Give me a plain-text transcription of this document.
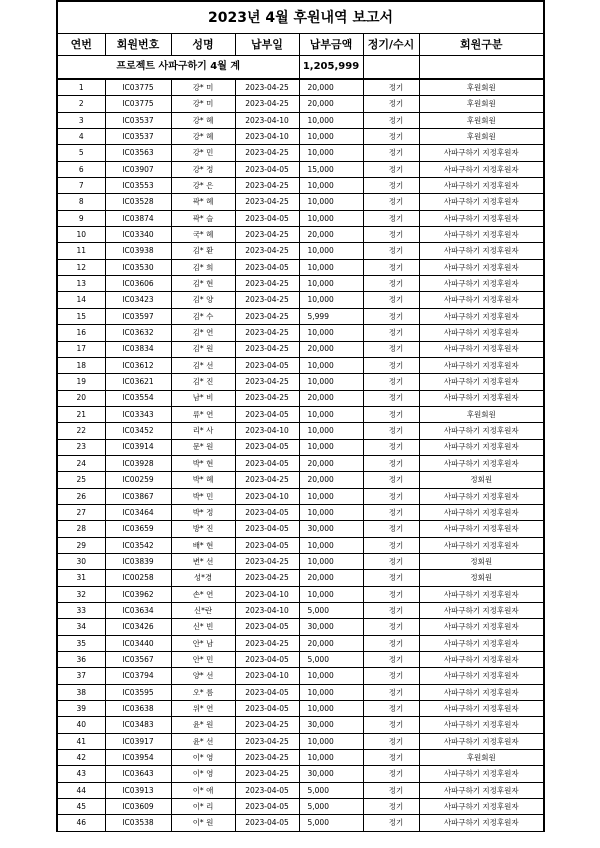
2023년 4월 후원내역 보고서						
연번	회원번호	성명	납부일	납부금액	정기/수시	회원구분
프로젝트 사파구하기 4월 계				1,205,999		
1	IC03775	강* 미	2023-04-25	20,000	정기	후원회원
2	IC03775	강* 미	2023-04-25	20,000	정기	후원회원
3	IC03537	강* 혜	2023-04-10	10,000	정기	후원회원
4	IC03537	강* 혜	2023-04-10	10,000	정기	후원회원
5	IC03563	강* 민	2023-04-25	10,000	정기	사파구하기 지정후원자
6	IC03907	강* 정	2023-04-05	15,000	정기	사파구하기 지정후원자
7	IC03553	강* 은	2023-04-25	10,000	정기	사파구하기 지정후원자
8	IC03528	곽* 혜	2023-04-25	10,000	정기	사파구하기 지정후원자
9	IC03874	곽* 슬	2023-04-05	10,000	정기	사파구하기 지정후원자
10	IC03340	국* 혜	2023-04-25	20,000	정기	사파구하기 지정후원자
11	IC03938	김* 환	2023-04-25	10,000	정기	사파구하기 지정후원자
12	IC03530	김* 희	2023-04-05	10,000	정기	사파구하기 지정후원자
13	IC03606	김* 현	2023-04-25	10,000	정기	사파구하기 지정후원자
14	IC03423	김* 양	2023-04-25	10,000	정기	사파구하기 지정후원자
15	IC03597	김* 수	2023-04-25	5,999	정기	사파구하기 지정후원자
16	IC03632	김* 연	2023-04-25	10,000	정기	사파구하기 지정후원자
17	IC03834	김* 원	2023-04-25	20,000	정기	사파구하기 지정후원자
18	IC03612	김* 선	2023-04-05	10,000	정기	사파구하기 지정후원자
19	IC03621	김* 진	2023-04-25	10,000	정기	사파구하기 지정후원자
20	IC03554	남* 비	2023-04-25	20,000	정기	사파구하기 지정후원자
21	IC03343	류* 연	2023-04-05	10,000	정기	후원회원
22	IC03452	리* 사	2023-04-10	10,000	정기	사파구하기 지정후원자
23	IC03914	문* 원	2023-04-05	10,000	정기	사파구하기 지정후원자
24	IC03928	박* 현	2023-04-05	20,000	정기	사파구하기 지정후원자
25	IC00259	박* 혜	2023-04-25	20,000	정기	정회원
26	IC03867	박* 민	2023-04-10	10,000	정기	사파구하기 지정후원자
27	IC03464	박* 정	2023-04-05	10,000	정기	사파구하기 지정후원자
28	IC03659	방* 진	2023-04-05	30,000	정기	사파구하기 지정후원자
29	IC03542	배* 현	2023-04-05	10,000	정기	사파구하기 지정후원자
30	IC03839	변* 선	2023-04-25	10,000	정기	정회원
31	IC00258	성*경	2023-04-25	20,000	정기	정회원
32	IC03962	손* 연	2023-04-10	10,000	정기	사파구하기 지정후원자
33	IC03634	신*란	2023-04-10	5,000	정기	사파구하기 지정후원자
34	IC03426	신* 빈	2023-04-05	30,000	정기	사파구하기 지정후원자
35	IC03440	안* 남	2023-04-25	20,000	정기	사파구하기 지정후원자
36	IC03567	안* 민	2023-04-05	5,000	정기	사파구하기 지정후원자
37	IC03794	양* 선	2023-04-10	10,000	정기	사파구하기 지정후원자
38	IC03595	오* 름	2023-04-05	10,000	정기	사파구하기 지정후원자
39	IC03638	위* 연	2023-04-05	10,000	정기	사파구하기 지정후원자
40	IC03483	윤* 원	2023-04-25	30,000	정기	사파구하기 지정후원자
41	IC03917	윤* 선	2023-04-25	10,000	정기	사파구하기 지정후원자
42	IC03954	이* 영	2023-04-25	10,000	정기	후원회원
43	IC03643	이* 영	2023-04-25	30,000	정기	사파구하기 지정후원자
44	IC03913	이* 애	2023-04-05	5,000	정기	사파구하기 지정후원자
45	IC03609	이* 리	2023-04-05	5,000	정기	사파구하기 지정후원자
46	IC03538	이* 원	2023-04-05	5,000	정기	사파구하기 지정후원자
